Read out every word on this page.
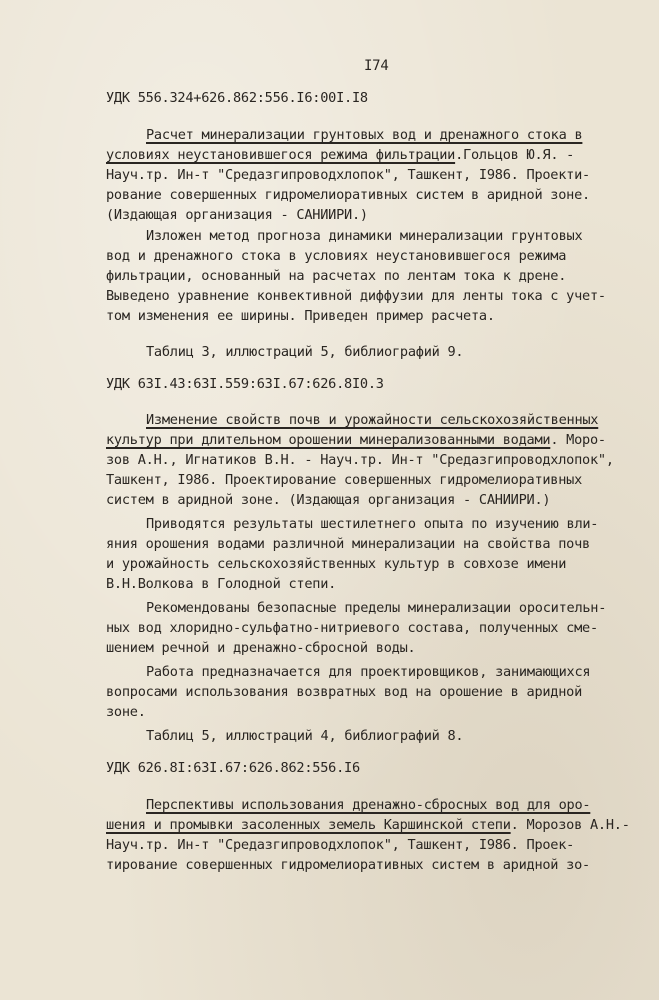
I74
УДК 556.324+626.862:556.I6:00I.I8
Расчет минерализации грунтовых вод и дренажного стока в
условиях неустановившегося режима фильтрации.Гольцов Ю.Я. -
Науч.тр. Ин-т "Средазгипроводхлопок", Ташкент, I986. Проекти-
рование совершенных гидромелиоративных систем в аридной зоне.
(Издающая организация - САНИИРИ.)
Изложен метод прогноза динамики минерализации грунтовых
вод и дренажного стока в условиях неустановившегося режима
фильтрации, основанный на расчетах по лентам тока к дрене.
Выведено уравнение конвективной диффузии для ленты тока с учет-
том изменения ее ширины. Приведен пример расчета.
Таблиц 3, иллюстраций 5, библиографий 9.
УДК 63I.43:63I.559:63I.67:626.8I0.3
Изменение свойств почв и урожайности сельскохозяйственных
культур при длительном орошении минерализованными водами. Моро-
зов А.Н., Игнатиков В.Н. - Науч.тр. Ин-т "Средазгипроводхлопок",
Ташкент, I986. Проектирование совершенных гидромелиоративных
систем в аридной зоне. (Издающая организация - САНИИРИ.)
Приводятся результаты шестилетнего опыта по изучению вли-
яния орошения водами различной минерализации на свойства почв
и урожайность сельскохозяйственных культур в совхозе имени
В.Н.Волкова в Голодной степи.
Рекомендованы безопасные пределы минерализации оросительн-
ных вод хлоридно-сульфатно-нитриевого состава, полученных сме-
шением речной и дренажно-сбросной воды.
Работа предназначается для проектировщиков, занимающихся
вопросами использования возвратных вод на орошение в аридной
зоне.
Таблиц 5, иллюстраций 4, библиографий 8.
УДК 626.8I:63I.67:626.862:556.I6
Перспективы использования дренажно-сбросных вод для оро-
шения и промывки засоленных земель Каршинской степи. Морозов А.Н.-
Науч.тр. Ин-т "Средазгипроводхлопок", Ташкент, I986. Проек-
тирование совершенных гидромелиоративных систем в аридной зо-
